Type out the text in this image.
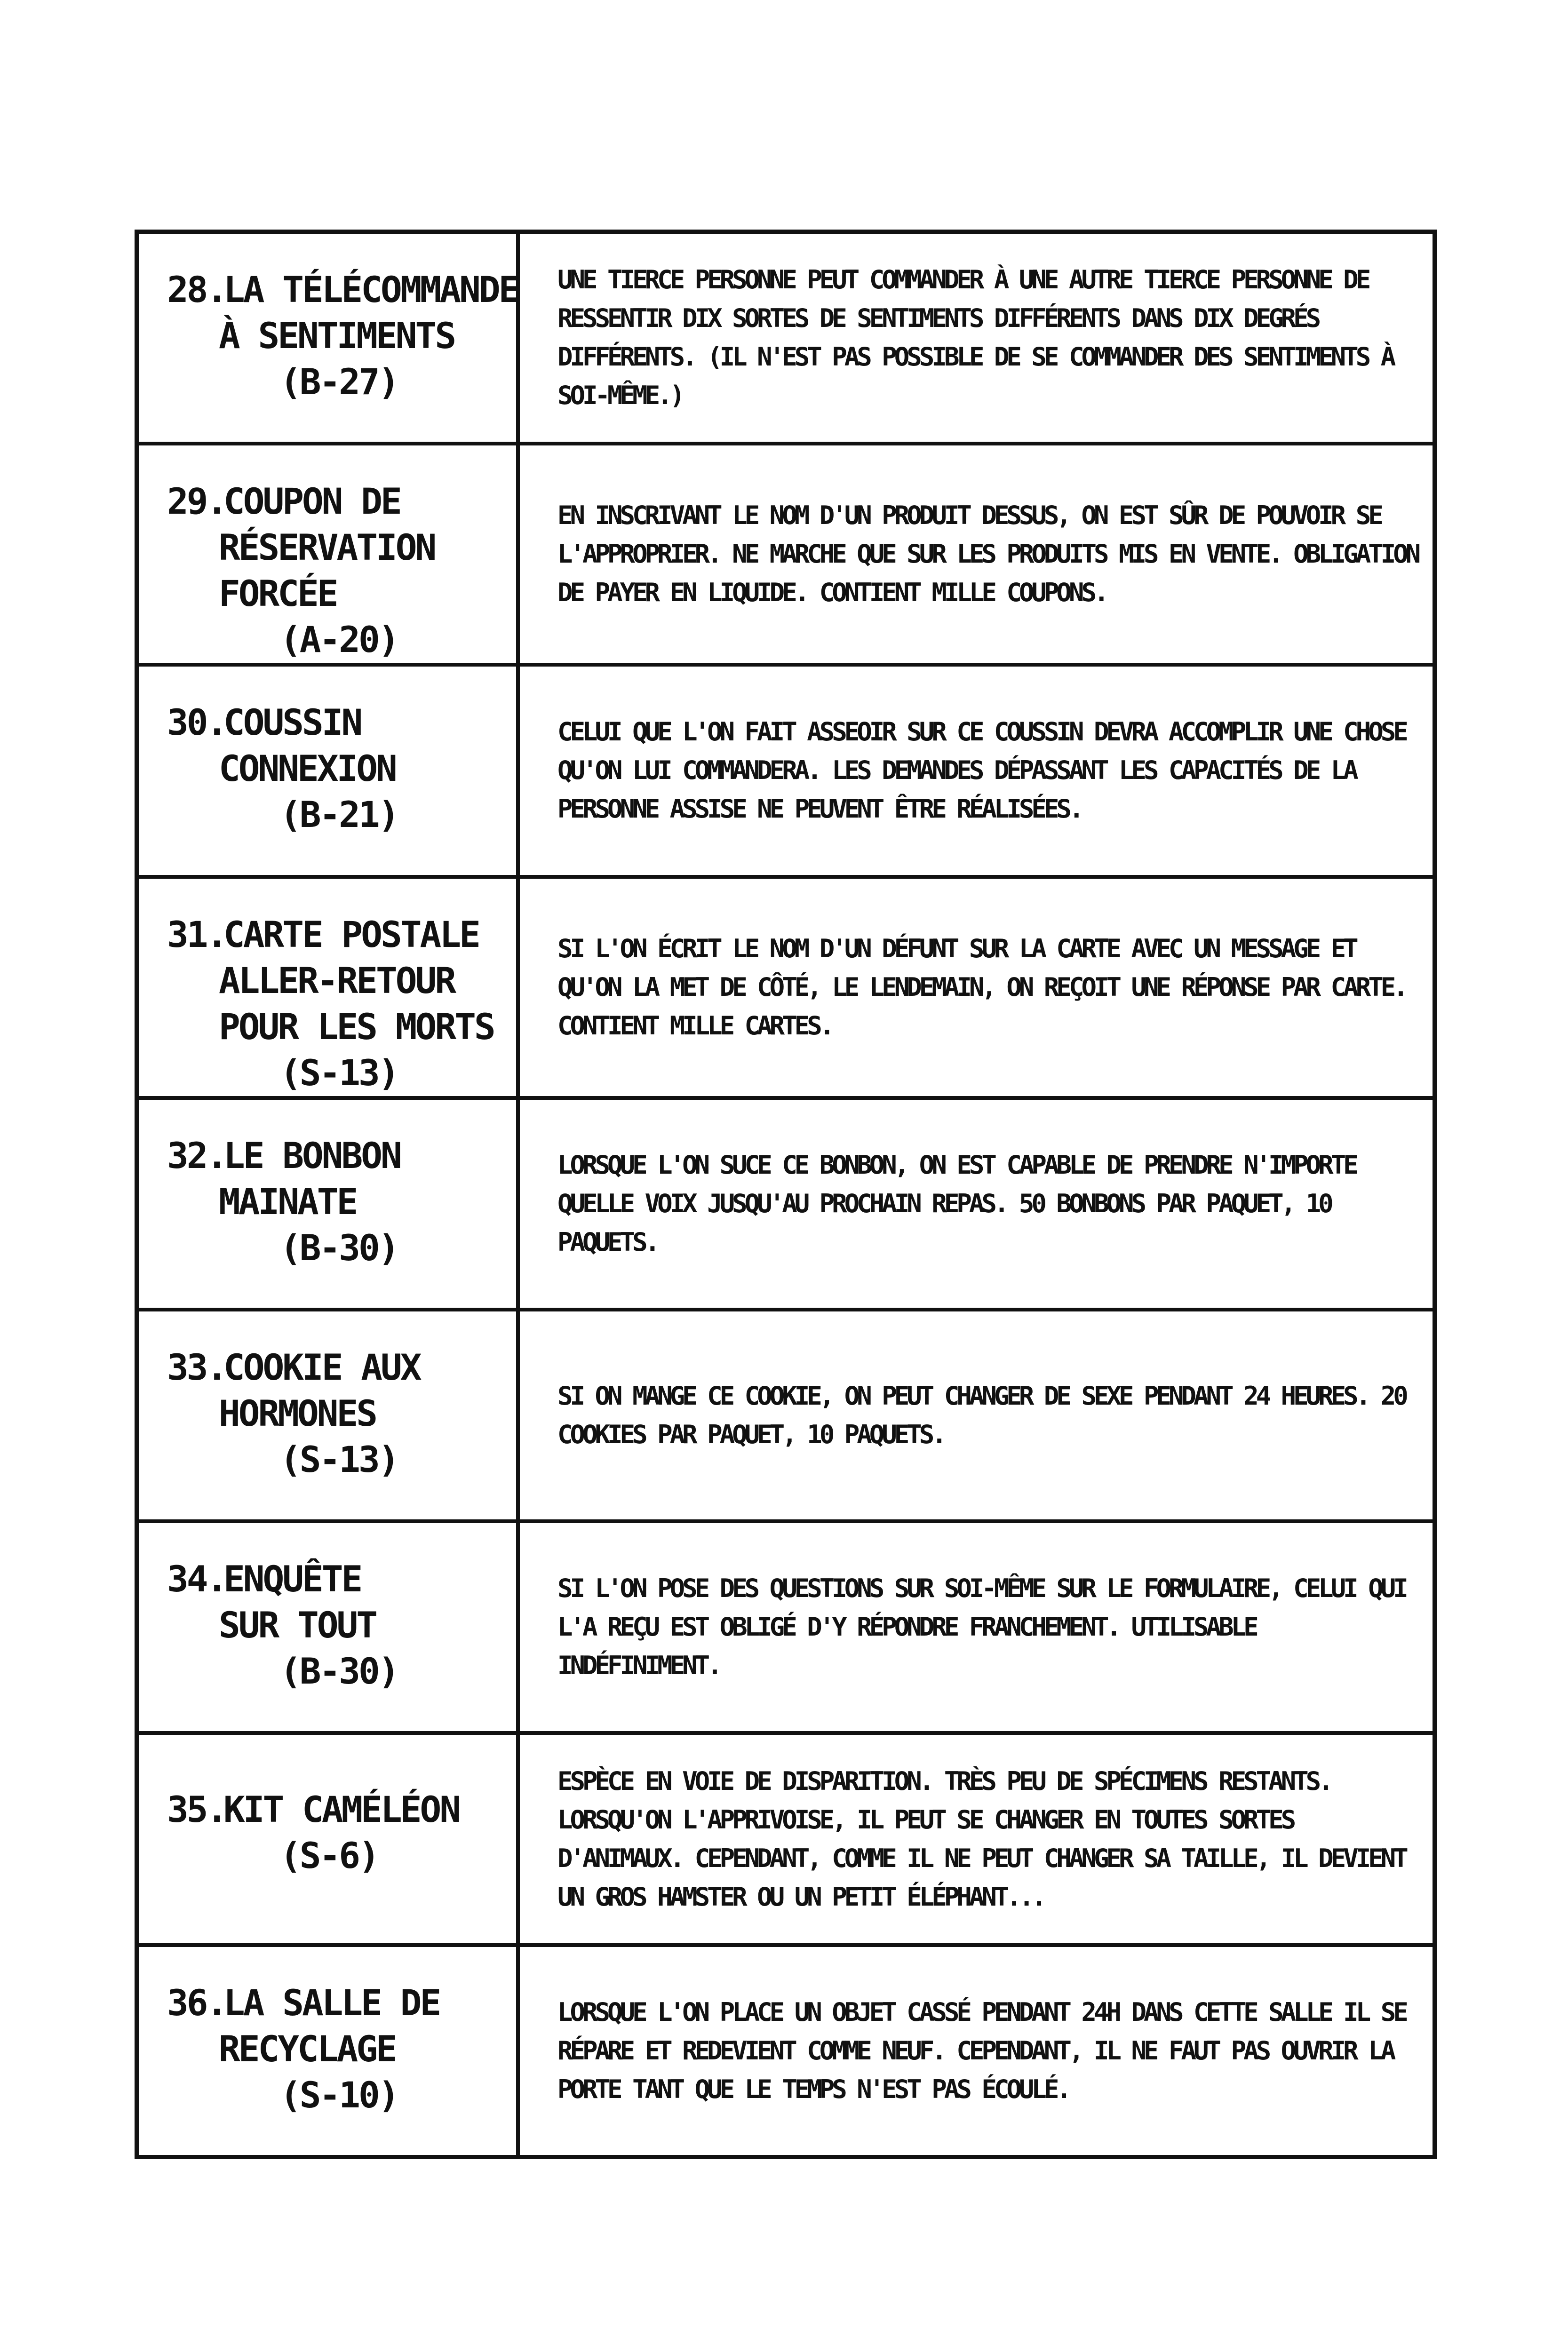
28.LA TÉLÉCOMMANDE
À SENTIMENTS
(B-27)
UNE TIERCE PERSONNE PEUT COMMANDER À UNE AUTRE TIERCE PERSONNE DE RESSENTIR DIX SORTES DE SENTIMENTS DIFFÉRENTS DANS DIX DEGRÉS DIFFÉRENTS. (IL N'EST PAS POSSIBLE DE SE COMMANDER DES SENTIMENTS À SOI-MÊME.)
29.COUPON DE
RÉSERVATION
FORCÉE
(A-20)
EN INSCRIVANT LE NOM D'UN PRODUIT DESSUS, ON EST SÛR DE POUVOIR SE L'APPROPRIER. NE MARCHE QUE SUR LES PRODUITS MIS EN VENTE. OBLIGATION DE PAYER EN LIQUIDE. CONTIENT MILLE COUPONS.
30.COUSSIN
CONNEXION
(B-21)
CELUI QUE L'ON FAIT ASSEOIR SUR CE COUSSIN DEVRA ACCOMPLIR UNE CHOSE QU'ON LUI COMMANDERA. LES DEMANDES DÉPASSANT LES CAPACITÉS DE LA PERSONNE ASSISE NE PEUVENT ÊTRE RÉALISÉES.
31.CARTE POSTALE
ALLER-RETOUR
POUR LES MORTS
(S-13)
SI L'ON ÉCRIT LE NOM D'UN DÉFUNT SUR LA CARTE AVEC UN MESSAGE ET QU'ON LA MET DE CÔTÉ, LE LENDEMAIN, ON REÇOIT UNE RÉPONSE PAR CARTE. CONTIENT MILLE CARTES.
32.LE BONBON
MAINATE
(B-30)
LORSQUE L'ON SUCE CE BONBON, ON EST CAPABLE DE PRENDRE N'IMPORTE QUELLE VOIX JUSQU'AU PROCHAIN REPAS. 50 BONBONS PAR PAQUET, 10 PAQUETS.
33.COOKIE AUX
HORMONES
(S-13)
SI ON MANGE CE COOKIE, ON PEUT CHANGER DE SEXE PENDANT 24 HEURES. 20 COOKIES PAR PAQUET, 10 PAQUETS.
34.ENQUÊTE
SUR TOUT
(B-30)
SI L'ON POSE DES QUESTIONS SUR SOI-MÊME SUR LE FORMULAIRE, CELUI QUI L'A REÇU EST OBLIGÉ D'Y RÉPONDRE FRANCHEMENT. UTILISABLE INDÉFINIMENT.
35.KIT CAMÉLÉON
(S-6)
ESPÈCE EN VOIE DE DISPARITION. TRÈS PEU DE SPÉCIMENS RESTANTS. LORSQU'ON L'APPRIVOISE, IL PEUT SE CHANGER EN TOUTES SORTES D'ANIMAUX. CEPENDANT, COMME IL NE PEUT CHANGER SA TAILLE, IL DEVIENT UN GROS HAMSTER OU UN PETIT ÉLÉPHANT...
36.LA SALLE DE
RECYCLAGE
(S-10)
LORSQUE L'ON PLACE UN OBJET CASSÉ PENDANT 24H DANS CETTE SALLE IL SE RÉPARE ET REDEVIENT COMME NEUF. CEPENDANT, IL NE FAUT PAS OUVRIR LA PORTE TANT QUE LE TEMPS N'EST PAS ÉCOULÉ.
